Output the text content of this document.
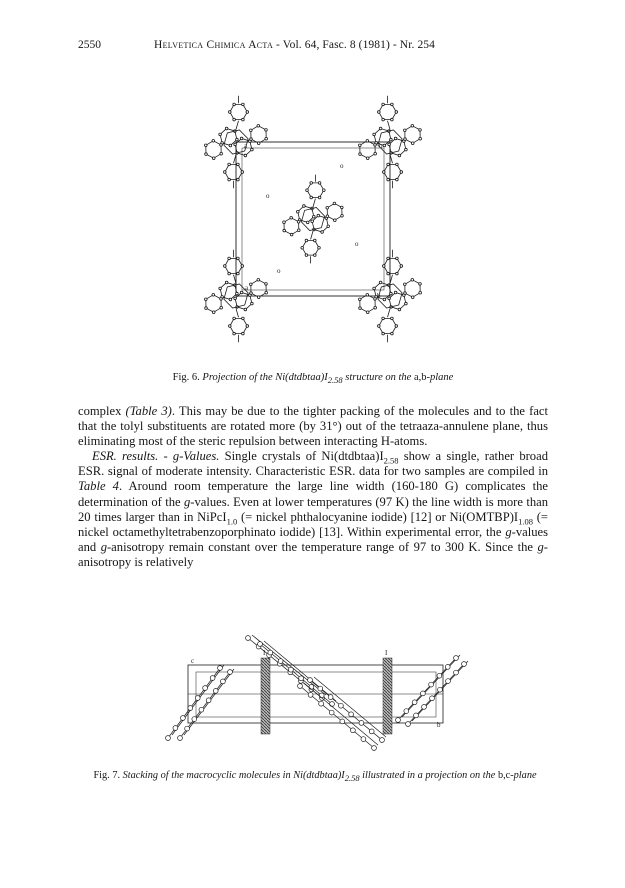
2550	Helvetica Chimica Acta - Vol. 64, Fasc. 8 (1981) - Nr. 254
a	b
o
o
o
o
a
b
Fig. 6. Projection of the $Ni(dtdbtaa)I_{2.58}$ structure on the a,b-plane

complex (Table 3). This may be due to the tighter packing of the molecules and to the fact that the tolyl substituents are rotated more (by 31°) out of the tetraaza-annulene plane, thus eliminating most of the steric repulsion between interacting H-atoms.

ESR. results. - g-Values. Single crystals of $Ni(dtdbtaa)I_{2.58}$ show a single, rather broad ESR. signal of moderate intensity. Characteristic ESR. data for two samples are compiled in Table 4. Around room temperature the large line width (160-180 G) complicates the determination of the g-values. Even at lower temperatures (97 K) the line width is more than 20 times larger than in NiPcI$_{1.0}$ (= nickel phthalocyanine iodide) [12] or $Ni(OMTBP)I_{1.08}$ (= nickel octamethyltetrabenzoporphinato iodide) [13]. Within experimental error, the g-values and g-anisotropy remain constant over the temperature range of 97 to 300 K. Since the g-anisotropy is relatively

c
b
I	I
Fig. 7. Stacking of the macrocyclic molecules in $Ni(dtdbtaa)I_{2.58}$ illustrated in a projection on the b,c-plane
